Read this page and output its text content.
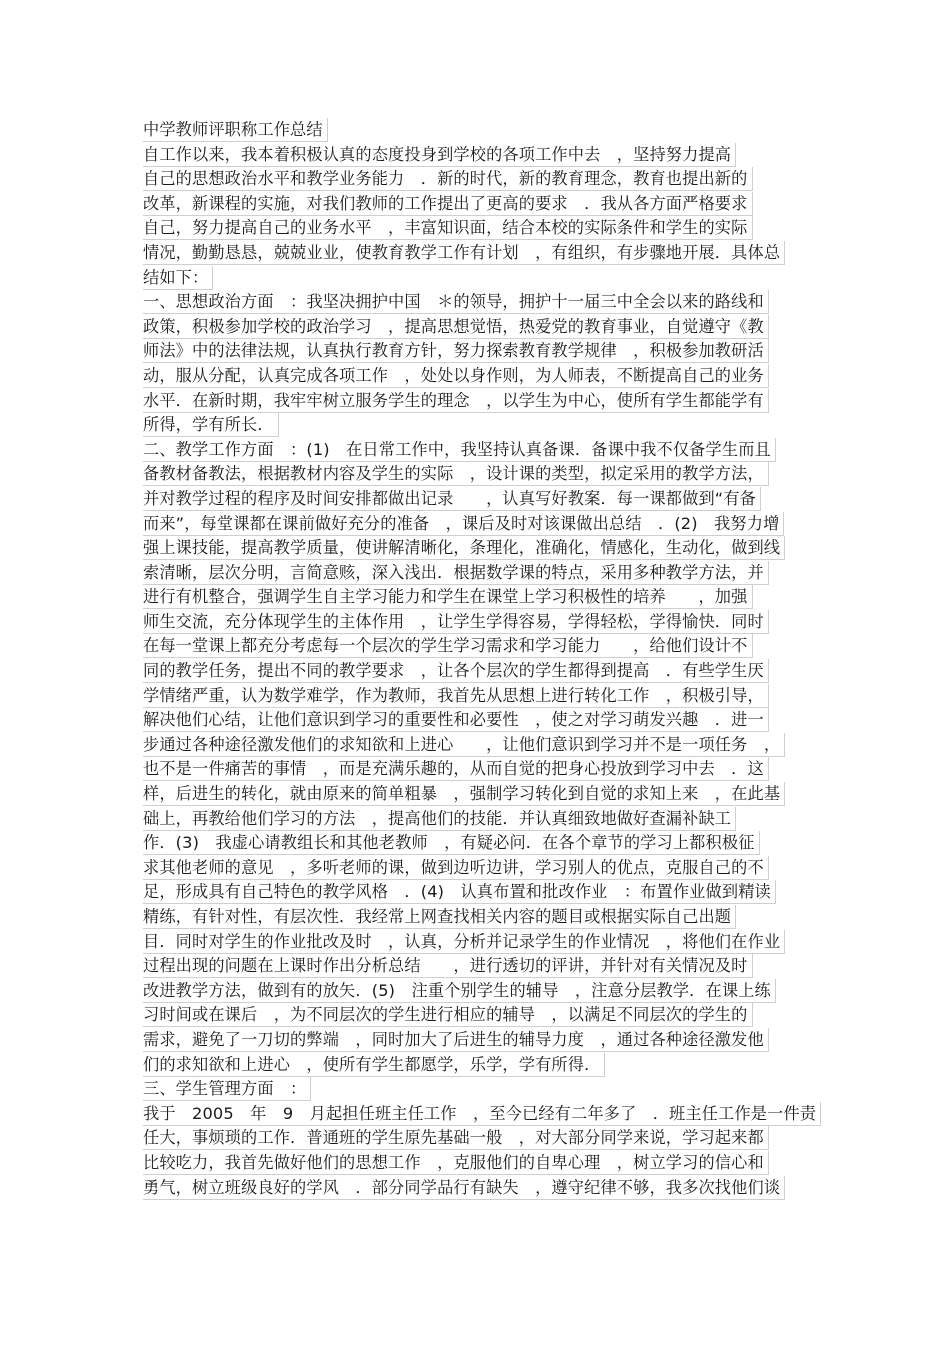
中学教师评职称工作总结
自工作以来，我本着积极认真的态度投身到学校的各项工作中去　，坚持努力提高
自己的思想政治水平和教学业务能力　．新的时代，新的教育理念，教育也提出新的
改革，新课程的实施，对我们教师的工作提出了更高的要求　．我从各方面严格要求
自己，努力提高自己的业务水平　，丰富知识面，结合本校的实际条件和学生的实际
情况，勤勤恳恳，兢兢业业，使教育教学工作有计划　，有组织，有步骤地开展．具体总
结如下：
一、思想政治方面　：我坚决拥护中国　＊的领导，拥护十一届三中全会以来的路线和
政策，积极参加学校的政治学习　，提高思想觉悟，热爱党的教育事业，自觉遵守《教
师法》中的法律法规，认真执行教育方针，努力探索教育教学规律　，积极参加教研活
动，服从分配，认真完成各项工作　，处处以身作则，为人师表，不断提高自己的业务
水平．在新时期，我牢牢树立服务学生的理念　，以学生为中心，使所有学生都能学有
所得，学有所长．
二、教学工作方面　：(1)　在日常工作中，我坚持认真备课．备课中我不仅备学生而且
备教材备教法，根据教材内容及学生的实际　，设计课的类型，拟定采用的教学方法，
并对教学过程的程序及时间安排都做出记录　　，认真写好教案．每一课都做到“有备
而来”，每堂课都在课前做好充分的准备　，课后及时对该课做出总结　．(2)　我努力增
强上课技能，提高教学质量，使讲解清晰化，条理化，准确化，情感化，生动化，做到线
索清晰，层次分明，言简意赅，深入浅出．根据数学课的特点，采用多种教学方法，并
进行有机整合，强调学生自主学习能力和学生在课堂上学习积极性的培养　　，加强
师生交流，充分体现学生的主体作用　，让学生学得容易，学得轻松，学得愉快．同时
在每一堂课上都充分考虑每一个层次的学生学习需求和学习能力　　，给他们设计不
同的教学任务，提出不同的教学要求　，让各个层次的学生都得到提高　．有些学生厌
学情绪严重，认为数学难学，作为教师，我首先从思想上进行转化工作　，积极引导，
解决他们心结，让他们意识到学习的重要性和必要性　，使之对学习萌发兴趣　．进一
步通过各种途径激发他们的求知欲和上进心　　，让他们意识到学习并不是一项任务　，
也不是一件痛苦的事情　，而是充满乐趣的，从而自觉的把身心投放到学习中去　．这
样，后进生的转化，就由原来的简单粗暴　，强制学习转化到自觉的求知上来　，在此基
础上，再教给他们学习的方法　，提高他们的技能．并认真细致地做好查漏补缺工
作．(3)　我虚心请教组长和其他老教师　，有疑必问．在各个章节的学习上都积极征
求其他老师的意见　，多听老师的课，做到边听边讲，学习别人的优点，克服自己的不
足，形成具有自己特色的教学风格　．(4)　认真布置和批改作业　：布置作业做到精读
精练，有针对性，有层次性．我经常上网查找相关内容的题目或根据实际自己出题
目．同时对学生的作业批改及时　，认真，分析并记录学生的作业情况　，将他们在作业
过程出现的问题在上课时作出分析总结　　，进行透切的评讲，并针对有关情况及时
改进教学方法，做到有的放矢．(5)　注重个别学生的辅导　，注意分层教学．在课上练
习时间或在课后　，为不同层次的学生进行相应的辅导　，以满足不同层次的学生的
需求，避免了一刀切的弊端　，同时加大了后进生的辅导力度　，通过各种途径激发他
们的求知欲和上进心　，使所有学生都愿学，乐学，学有所得．
三、学生管理方面　：
我于　2005　年　9　月起担任班主任工作　，至今已经有二年多了　．班主任工作是一件责
任大，事烦琐的工作．普通班的学生原先基础一般　，对大部分同学来说，学习起来都
比较吃力，我首先做好他们的思想工作　，克服他们的自卑心理　，树立学习的信心和
勇气，树立班级良好的学风　．部分同学品行有缺失　，遵守纪律不够，我多次找他们谈
